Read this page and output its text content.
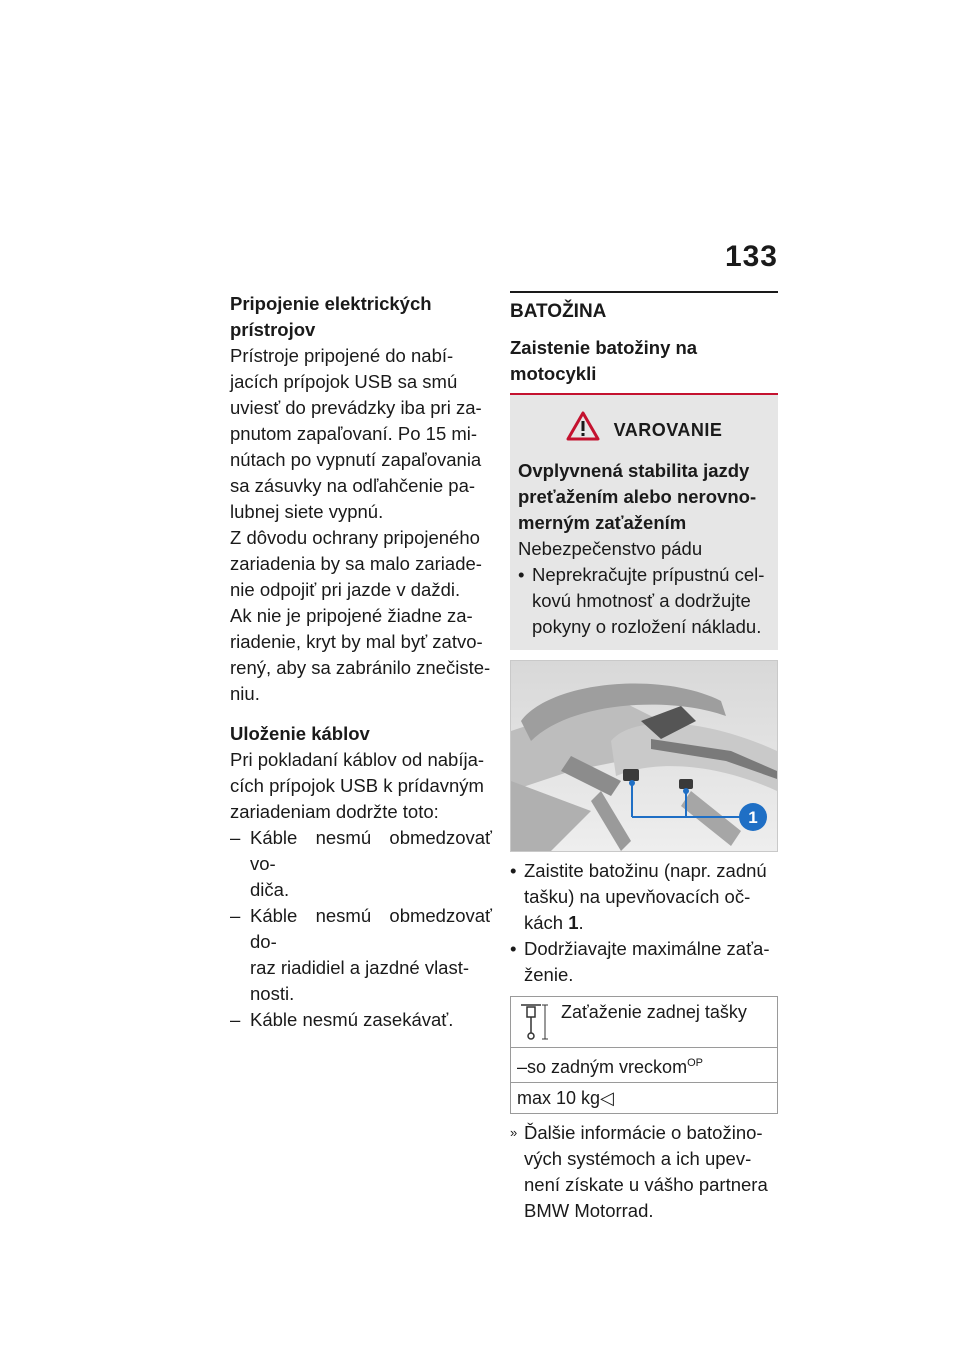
133
Pripojenie elektrických
prístrojov

Prístroje pripojené do nabí-

jacích prípojok USB sa smú

uviesť do prevádzky iba pri za-

pnutom zapaľovaní. Po 15 mi-

nútach po vypnutí zapaľovania

sa zásuvky na odľahčenie pa-

lubnej siete vypnú.

Z dôvodu ochrany pripojeného

zariadenia by sa malo zariade-

nie odpojiť pri jazde v daždi.

Ak nie je pripojené žiadne za-

riadenie, kryt by mal byť zatvo-

rený, aby sa zabránilo znečiste-

niu.

Uloženie káblov

Pri pokladaní káblov od nabíja-

cích prípojok USB k prídavným

zariadeniam dodržte toto:

– Káble nesmú obmedzovať vo-

diča.

– Káble nesmú obmedzovať do-

raz riadidiel a jazdné vlast-

nosti.

– Káble nesmú zasekávať.

BATOŽINA
Zaistenie batožiny na
motocykli
VAROVANIE
Ovplyvnená stabilita jazdy
preťažením alebo nerovno-
merným zaťažením
Nebezpečenstvo pádu
• Neprekračujte prípustnú cel-

kovú hmotnosť a dodržujte

pokyny o rozložení nákladu.

1
• Zaistite batožinu (napr. zadnú

tašku) na upevňovacích oč-

kách 1.

• Dodržiavajte maximálne zaťa-

ženie.

Zaťaženie zadnej tašky

–so zadným vreckom$^{OP}$
max 10 kg◁
» Ďalšie informácie o batožino-

vých systémoch a ich upev-

není získate u vášho partnera

BMW Motorrad.
